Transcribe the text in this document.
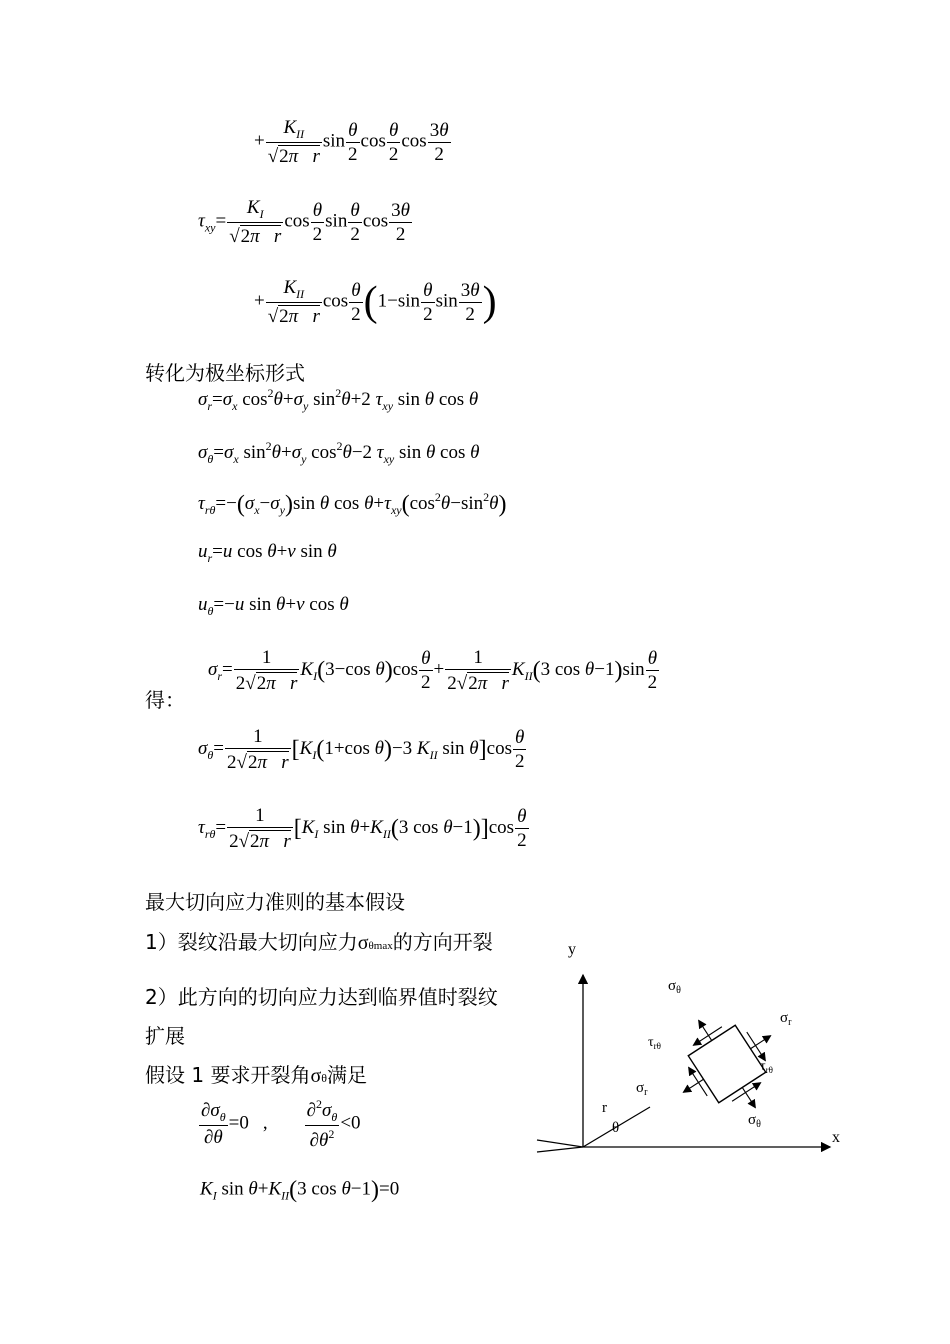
+ $\frac{K_{II}}{\text{√2π r}}$ $\sin \frac{\theta}{2}$ $\cos \frac{\theta}{2}$ $\cos \frac{3\theta}{2}$
$\tau_{xy}= \frac{K_I}{\text{√2π r}}$ $\cos \frac{\theta}{2}$ $\sin \frac{\theta}{2}$ $\cos \frac{3\theta}{2}$
+ $\frac{K_{II}}{\text{√2π r}}$ $\cos \frac{\theta}{2} (1-\sin \frac{\theta}{2}$ $\sin \frac{3\theta}{2}$ )
转化为极坐标形式
$\sigma_r=\sigma_x$ $\cos^2\theta+\sigma_y$ $\sin^2\theta+2$ $\tau_{xy}$ sin θ cos θ
$\sigma_\theta=\sigma_x$ $\sin^2\theta+\sigma_y$ $\cos^2\theta-2$ $\tau_{xy}$ sin θ cos θ
$\tau_{r\theta}=-(\sigma_x-\sigma_y)\sin$ θ $\cos \theta+\tau_{xy}(\cos^2\theta-\sin^2\theta)$
$u_r=u$ cos θ+v sin θ
$u_\theta=-u$ sin θ+v cos θ
得：
$\sigma_r= \frac{1}{\text{2√2π r}} K_I(3-\cos$ $\theta)\cos \frac{\theta}{2} + \frac{1}{\text{2√2π r}} K_{II}(3$ $\cos \theta-1)\sin \frac{\theta}{2}$
$\sigma_\theta= \frac{1}{\text{2√2π r}} [K_I(1+\cos$ θ)−3 $K_{II}$ $\sin \theta]\cos \frac{\theta}{2}$
$\tau_{r\theta}= \frac{1}{\text{2√2π r}} [K_I$ $\sin \theta+K_{II}(3$ $\cos \theta-1)]\cos \frac{\theta}{2}$
最大切向应力准则的基本假设
1）裂纹沿最大切向应力σθmax的方向开裂
2）此方向的切向应力达到临界值时裂纹
扩展
假设 1 要求开裂角σθ满足
$\frac{\partial\sigma_\theta}{\partial\theta} =0$ , $\frac{\partial^2\sigma_\theta}{\partial\theta^2} <0$
$K_I$ $\sin \theta+K_{II}(3$ cos θ−1)=0
y
x
r
θ
$\sigma_\theta$
$\sigma_r$
$\tau_{r\theta}$
$\tau_{r\theta}$
$\sigma_r$
$\sigma_\theta$
